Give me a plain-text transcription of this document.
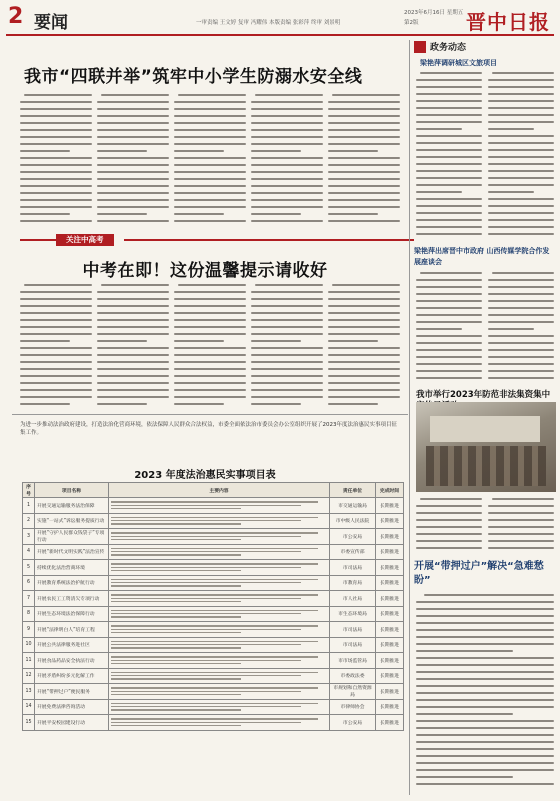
2 要闻	一审责编 王文婷 复审 冯耀伟 本版责编 张彩萍 终审 刘景明
2023年6月16日 星期五
第2版 晋中日报
我市“四联并举”筑牢中小学生防溺水安全线
关注中高考
中考在即！这份温馨提示请收好
为进一步推动法治政府建设，打造法治化营商环境，依法保障人民群众合法权益，市委全面依法治市委员会办公室组织开展了2023年度法治惠民实事项目征集工作。
2023 年度法治惠民实事项目表
序号	项目名称	主要内容	责任单位	完成时间
1	开展交通运输服务法治保障		市交通运输局	长期推进
2	实施“一站式”诉讼服务提质行动		市中级人民法院	长期推进
3	开展“守护人民群众钱袋子”专项行动		市公安局	长期推进
4	开展“新时代文明实践”法治宣传		市委宣传部	长期推进
5	持续优化法治营商环境		市司法局	长期推进
6	开展教育系统法治护航行动		市教育局	长期推进
7	开展农民工工资清欠专项行动		市人社局	长期推进
8	开展生态环境法治保障行动		市生态环境局	长期推进
9	开展“法律明白人”培育工程		市司法局	长期推进
10	开展公共法律服务进社区		市司法局	长期推进
11	开展食品药品安全执法行动		市市场监管局	长期推进
12	开展矛盾纠纷多元化解工作		市委政法委	长期推进
13	开展“带押过户”便民服务		市规划和自然资源局	长期推进
14	开展免费法律咨询活动		市律师协会	长期推进
15	开展平安校园建设行动		市公安局	长期推进
政务动态
梁艳萍调研城区文旅项目
梁艳萍出席晋中市政府 山西传媒学院合作发展座谈会
我市举行2023年防范非法集资集中
开展“带押过户”解决“急难愁盼”
